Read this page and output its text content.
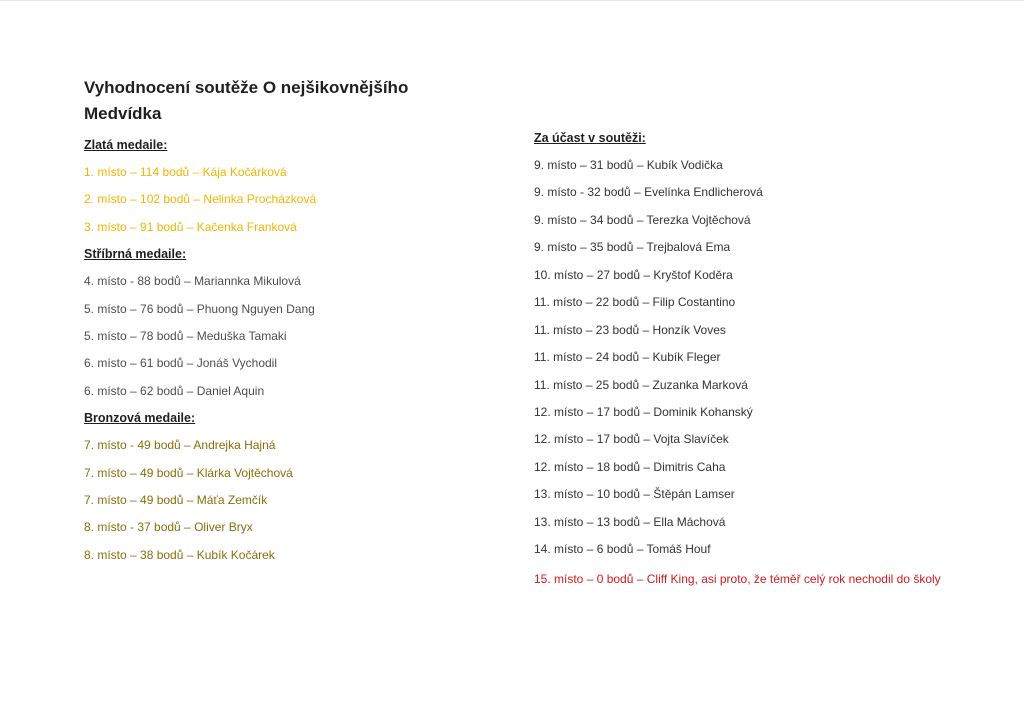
Vyhodnocení soutěže O nejšikovnějšího Medvídka

Zlatá medaile:

1. místo – 114 bodů – Kája Kočárková

2. místo – 102 bodů – Nelinka Procházková

3. místo – 91 bodů – Kačenka Franková

Stříbrná medaile:

4. místo - 88 bodů – Mariannka Mikulová

5. místo – 76 bodů – Phuong Nguyen Dang

5. místo – 78 bodů – Meduška Tamaki

6. místo – 61 bodů – Jonáš Vychodil

6. místo – 62 bodů – Daniel Aquin

Bronzová medaile:

7. místo - 49 bodů – Andrejka Hajná

7. místo – 49 bodů – Klárka Vojtěchová

7. místo – 49 bodů – Máťa Zemčík

8. místo - 37 bodů – Oliver Bryx

8. místo – 38 bodů – Kubík Kočárek

Za účast v soutěži:

9. místo – 31 bodů – Kubík Vodička

9. místo - 32 bodů – Evelínka Endlicherová

9. místo – 34 bodů – Terezka Vojtěchová

9. místo – 35 bodů – Trejbalová Ema

10. místo – 27 bodů – Kryštof Koděra

11. místo – 22 bodů – Filip Costantino

11. místo – 23 bodů – Honzík Voves

11. místo – 24 bodů – Kubík Fleger

11. místo – 25 bodů – Zuzanka Marková

12. místo – 17 bodů – Dominik Kohanský

12. místo – 17 bodů – Vojta Slavíček

12. místo – 18 bodů – Dimitris Caha

13. místo – 10 bodů – Štěpán Lamser

13. místo – 13 bodů – Ella Máchová

14. místo – 6 bodů – Tomáš Houf

15. místo – 0 bodů – Cliff King, asi proto, že téměř celý rok nechodil do školy
